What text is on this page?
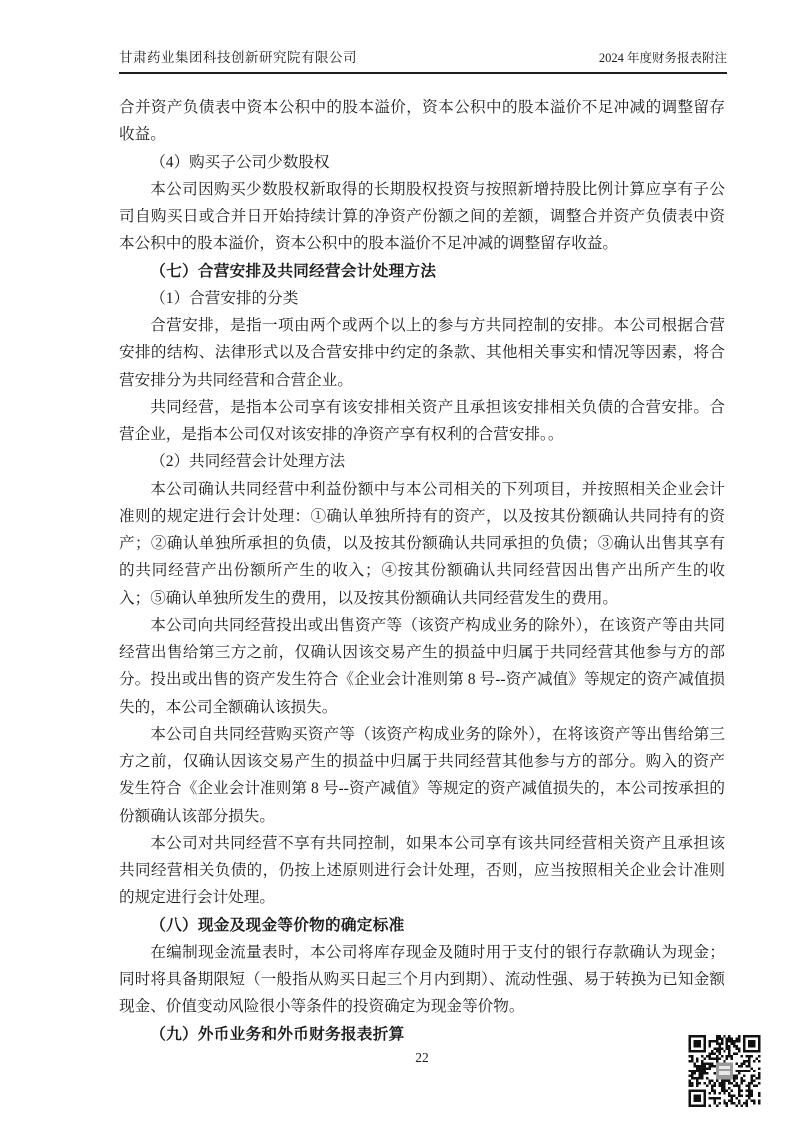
甘肃药业集团科技创新研究院有限公司	2024 年度财务报表附注

合并资产负债表中资本公积中的股本溢价，资本公积中的股本溢价不足冲减的调整留存收益。

（4）购买子公司少数股权

本公司因购买少数股权新取得的长期股权投资与按照新增持股比例计算应享有子公司自购买日或合并日开始持续计算的净资产份额之间的差额，调整合并资产负债表中资本公积中的股本溢价，资本公积中的股本溢价不足冲减的调整留存收益。

（七）合营安排及共同经营会计处理方法

（1）合营安排的分类

合营安排，是指一项由两个或两个以上的参与方共同控制的安排。本公司根据合营安排的结构、法律形式以及合营安排中约定的条款、其他相关事实和情况等因素，将合营安排分为共同经营和合营企业。

共同经营，是指本公司享有该安排相关资产且承担该安排相关负债的合营安排。合营企业，是指本公司仅对该安排的净资产享有权利的合营安排。。

（2）共同经营会计处理方法

本公司确认共同经营中利益份额中与本公司相关的下列项目，并按照相关企业会计准则的规定进行会计处理：①确认单独所持有的资产，以及按其份额确认共同持有的资产；②确认单独所承担的负债，以及按其份额确认共同承担的负债；③确认出售其享有的共同经营产出份额所产生的收入；④按其份额确认共同经营因出售产出所产生的收入；⑤确认单独所发生的费用，以及按其份额确认共同经营发生的费用。

本公司向共同经营投出或出售资产等（该资产构成业务的除外），在该资产等由共同经营出售给第三方之前，仅确认因该交易产生的损益中归属于共同经营其他参与方的部分。投出或出售的资产发生符合《企业会计准则第 8 号--资产减值》等规定的资产减值损失的，本公司全额确认该损失。

本公司自共同经营购买资产等（该资产构成业务的除外），在将该资产等出售给第三方之前，仅确认因该交易产生的损益中归属于共同经营其他参与方的部分。购入的资产发生符合《企业会计准则第 8 号--资产减值》等规定的资产减值损失的，本公司按承担的份额确认该部分损失。

本公司对共同经营不享有共同控制，如果本公司享有该共同经营相关资产且承担该共同经营相关负债的，仍按上述原则进行会计处理，否则，应当按照相关企业会计准则的规定进行会计处理。

（八）现金及现金等价物的确定标准

在编制现金流量表时，本公司将库存现金及随时用于支付的银行存款确认为现金；同时将具备期限短（一般指从购买日起三个月内到期）、流动性强、易于转换为已知金额现金、价值变动风险很小等条件的投资确定为现金等价物。

（九）外币业务和外币财务报表折算

22
